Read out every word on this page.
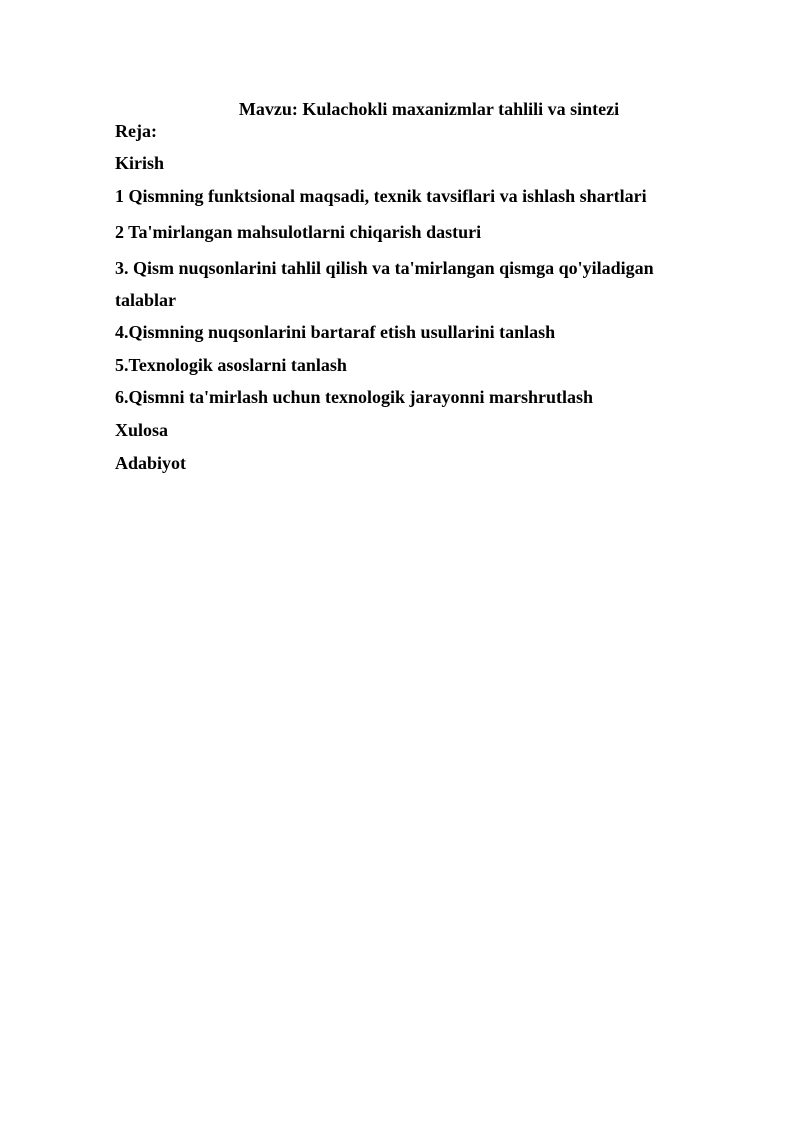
Mavzu: Kulachokli maxanizmlar tahlili va sintezi
Reja:
Kirish
1 Qismning funktsional maqsadi, texnik tavsiflari va ishlash shartlari
2 Ta'mirlangan mahsulotlarni chiqarish dasturi
3. Qism nuqsonlarini tahlil qilish va ta'mirlangan qismga qo'yiladigan
talablar
4.Qismning nuqsonlarini bartaraf etish usullarini tanlash
5.Texnologik asoslarni tanlash
6.Qismni ta'mirlash uchun texnologik jarayonni marshrutlash
Xulosa
Adabiyot
